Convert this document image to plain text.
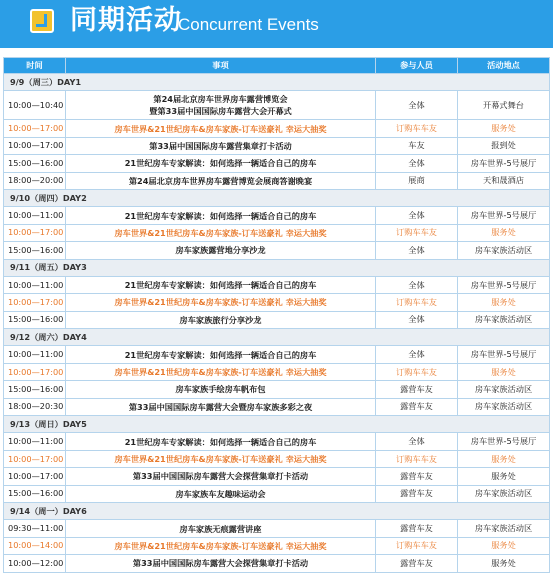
同期活动
Concurrent Events
时间	事项	参与人员	活动地点
9/9（周三）DAY1			
10:00—10:40	第24届北京房车世界房车露营博览会
暨第33届中国国际房车露营大会开幕式	全体	开幕式舞台
10:00—17:00	房车世界&21世纪房车&房车家族-订车送豪礼 幸运大抽奖	订购车车友	服务处
10:00—17:00	第33届中国国际房车露营集章打卡活动	车友	报到处
15:00—16:00	21世纪房车专家解读：如何选择一辆适合自己的房车	全体	房车世界-5号展厅
18:00—20:00	第24届北京房车世界房车露营博览会展商答谢晚宴	展商	天和晟酒店
9/10（周四）DAY2			
10:00—11:00	21世纪房车专家解读：如何选择一辆适合自己的房车	全体	房车世界-5号展厅
10:00—17:00	房车世界&21世纪房车&房车家族-订车送豪礼 幸运大抽奖	订购车车友	服务处
15:00—16:00	房车家族露营地分享沙龙	全体	房车家族活动区
9/11（周五）DAY3			
10:00—11:00	21世纪房车专家解读：如何选择一辆适合自己的房车	全体	房车世界-5号展厅
10:00—17:00	房车世界&21世纪房车&房车家族-订车送豪礼 幸运大抽奖	订购车车友	服务处
15:00—16:00	房车家族旅行分享沙龙	全体	房车家族活动区
9/12（周六）DAY4			
10:00—11:00	21世纪房车专家解读：如何选择一辆适合自己的房车	全体	房车世界-5号展厅
10:00—17:00	房车世界&21世纪房车&房车家族-订车送豪礼 幸运大抽奖	订购车车友	服务处
15:00—16:00	房车家族手绘房车帆布包	露营车友	房车家族活动区
18:00—20:30	第33届中国国际房车露营大会暨房车家族多彩之夜	露营车友	房车家族活动区
9/13（周日）DAY5			
10:00—11:00	21世纪房车专家解读：如何选择一辆适合自己的房车	全体	房车世界-5号展厅
10:00—17:00	房车世界&21世纪房车&房车家族-订车送豪礼 幸运大抽奖	订购车车友	服务处
10:00—17:00	第33届中国国际房车露营大会探营集章打卡活动	露营车友	服务处
15:00—16:00	房车家族车友趣味运动会	露营车友	房车家族活动区
9/14（周一）DAY6			
09:30—11:00	房车家族无痕露营讲座	露营车友	房车家族活动区
10:00—14:00	房车世界&21世纪房车&房车家族-订车送豪礼 幸运大抽奖	订购车车友	服务处
10:00—12:00	第33届中国国际房车露营大会探营集章打卡活动	露营车友	服务处
